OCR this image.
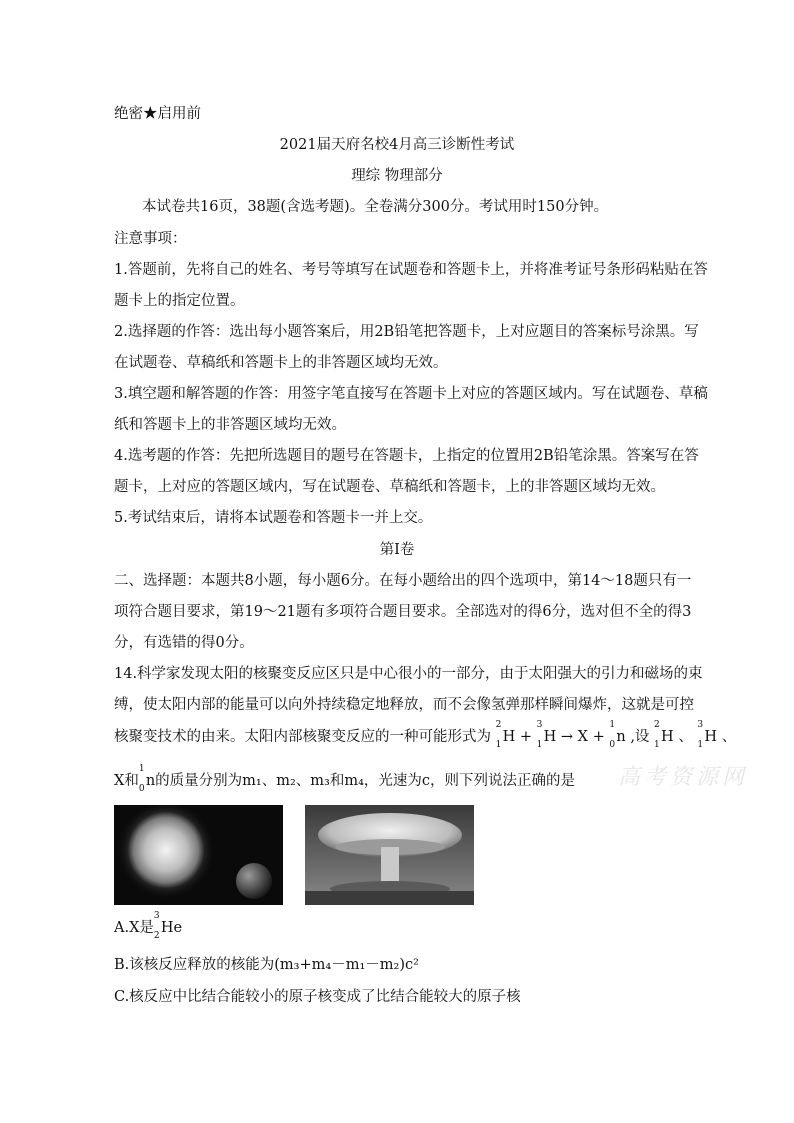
绝密★启用前
2021届天府名校4月高三诊断性考试
理综 物理部分
本试卷共16页，38题(含选考题)。全卷满分300分。考试用时150分钟。
注意事项：
1.答题前，先将自己的姓名、考号等填写在试题卷和答题卡上，并将准考证号条形码粘贴在答
题卡上的指定位置。
2.选择题的作答：选出每小题答案后，用2B铅笔把答题卡，上对应题目的答案标号涂黑。写
在试题卷、草稿纸和答题卡上的非答题区域均无效。
3.填空题和解答题的作答：用签字笔直接写在答题卡上对应的答题区域内。写在试题卷、草稿
纸和答题卡上的非答题区域均无效。
4.选考题的作答：先把所选题目的题号在答题卡，上指定的位置用2B铅笔涂黑。答案写在答
题卡，上对应的答题区域内，写在试题卷、草稿纸和答题卡，上的非答题区域均无效。
5.考试结束后，请将本试题卷和答题卡一并上交。
第I卷
二、选择题：本题共8小题，每小题6分。在每小题给出的四个选项中，第14～18题只有一
项符合题目要求，第19～21题有多项符合题目要求。全部选对的得6分，选对但不全的得3
分，有选错的得0分。
14.科学家发现太阳的核聚变反应区只是中心很小的一部分，由于太阳强大的引力和磁场的束
缚，使太阳内部的能量可以向外持续稳定地释放，而不会像氢弹那样瞬间爆炸，这就是可控
核聚变技术的由来。太阳内部核聚变反应的一种可能形式为
2
1 H +
3
1 H → X +
1
0 n ,设
2
1 H 、
3
1 H 、
X和
1
0 n的质量分别为m₁、m₂、m₃和m₄，光速为c，则下列说法正确的是 高考资源网
A.X是
3
2 He
B.该核反应释放的核能为(m₃+m₄－m₁－m₂)c²
C.核反应中比结合能较小的原子核变成了比结合能较大的原子核
